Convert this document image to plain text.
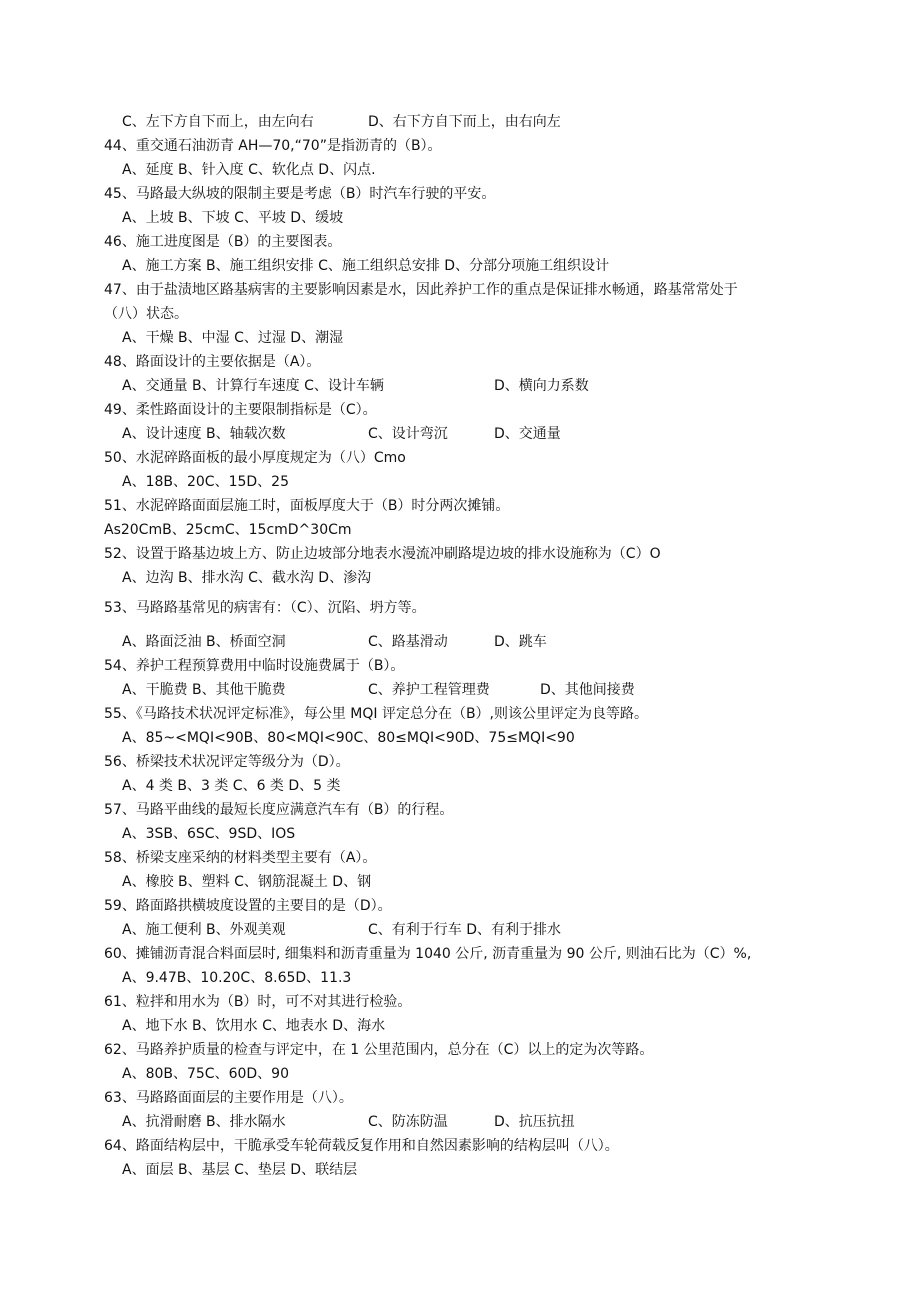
C、左下方自下而上，由左向右	D、右下方自下而上，由右向左
44、重交通石油沥青 AH—70,“70”是指沥青的（B）。
A、延度 B、针入度 C、软化点 D、闪点.
45、马路最大纵坡的限制主要是考虑（B）时汽车行驶的平安。
A、上坡 B、下坡 C、平坡 D、缓坡
46、施工进度图是（B）的主要图表。
A、施工方案 B、施工组织安排 C、施工组织总安排 D、分部分项施工组织设计
47、由于盐渍地区路基病害的主要影响因素是水，因此养护工作的重点是保证排水畅通，路基常常处于
（八）状态。
A、干燥 B、中湿 C、过湿 D、潮湿
48、路面设计的主要依据是（A）。
A、交通量 B、计算行车速度 C、设计车辆	D、横向力系数
49、柔性路面设计的主要限制指标是（C）。
A、设计速度 B、轴载次数	C、设计弯沉	D、交通量
50、水泥碎路面板的最小厚度规定为（八）Cmo
A、18B、20C、15D、25
51、水泥碎路面面层施工时，面板厚度大于（B）时分两次摊铺。
As20CmB、25cmC、15cmD^30Cm
52、设置于路基边坡上方、防止边坡部分地表水漫流冲刷路堤边坡的排水设施称为（C）O
A、边沟 B、排水沟 C、截水沟 D、渗沟
53、马路路基常见的病害有：（C）、沉陷、坍方等。
A、路面泛油 B、桥面空洞	C、路基滑动	D、跳车
54、养护工程预算费用中临时设施费属于（B）。
A、干脆费 B、其他干脆费	C、养护工程管理费	D、其他间接费
55、《马路技术状况评定标准》，每公里 MQI 评定总分在（B）,则该公里评定为良等路。
A、85~<MQI<90B、80<MQI<90C、80≤MQI<90D、75≤MQI<90
56、桥梁技术状况评定等级分为（D）。
A、4 类 B、3 类 C、6 类 D、5 类
57、马路平曲线的最短长度应满意汽车有（B）的行程。
A、3SB、6SC、9SD、IOS
58、桥梁支座采纳的材料类型主要有（A）。
A、橡胶 B、塑料 C、钢筋混凝土 D、钢
59、路面路拱横坡度设置的主要目的是（D）。
A、施工便利 B、外观美观	C、有利于行车 D、有利于排水
60、摊铺沥青混合料面层时, 细集料和沥青重量为 1040 公斤, 沥青重量为 90 公斤, 则油石比为（C）%,
A、9.47B、10.20C、8.65D、11.3
61、粒拌和用水为（B）时，可不对其进行检验。
A、地下水 B、饮用水 C、地表水 D、海水
62、马路养护质量的检查与评定中，在 1 公里范围内，总分在（C）以上的定为次等路。
A、80B、75C、60D、90
63、马路路面面层的主要作用是（八）。
A、抗滑耐磨 B、排水隔水	C、防冻防温	D、抗压抗扭
64、路面结构层中，干脆承受车轮荷载反复作用和自然因素影响的结构层叫（八）。
A、面层 B、基层 C、垫层 D、联结层
